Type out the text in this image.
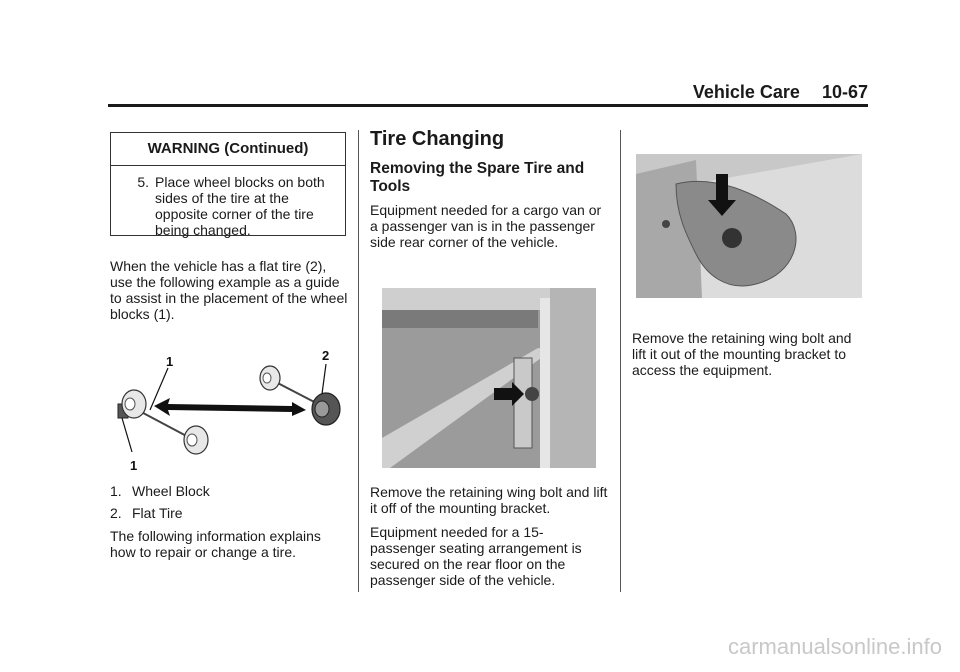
Vehicle Care 10-67
WARNING (Continued)
5. Place wheel blocks on both sides of the tire at the opposite corner of the tire being changed.

When the vehicle has a flat tire (2), use the following example as a guide to assist in the placement of the wheel blocks (1).

1	2
1
1. Wheel Block
2. Flat Tire

The following information explains how to repair or change a tire.

Tire Changing
Removing the Spare Tire and Tools

Equipment needed for a cargo van or a passenger van is in the passenger side rear corner of the vehicle.

Remove the retaining wing bolt and lift it off of the mounting bracket.

Equipment needed for a 15-passenger seating arrangement is secured on the rear floor on the passenger side of the vehicle.

Remove the retaining wing bolt and lift it out of the mounting bracket to access the equipment.

carmanualsonline.info
